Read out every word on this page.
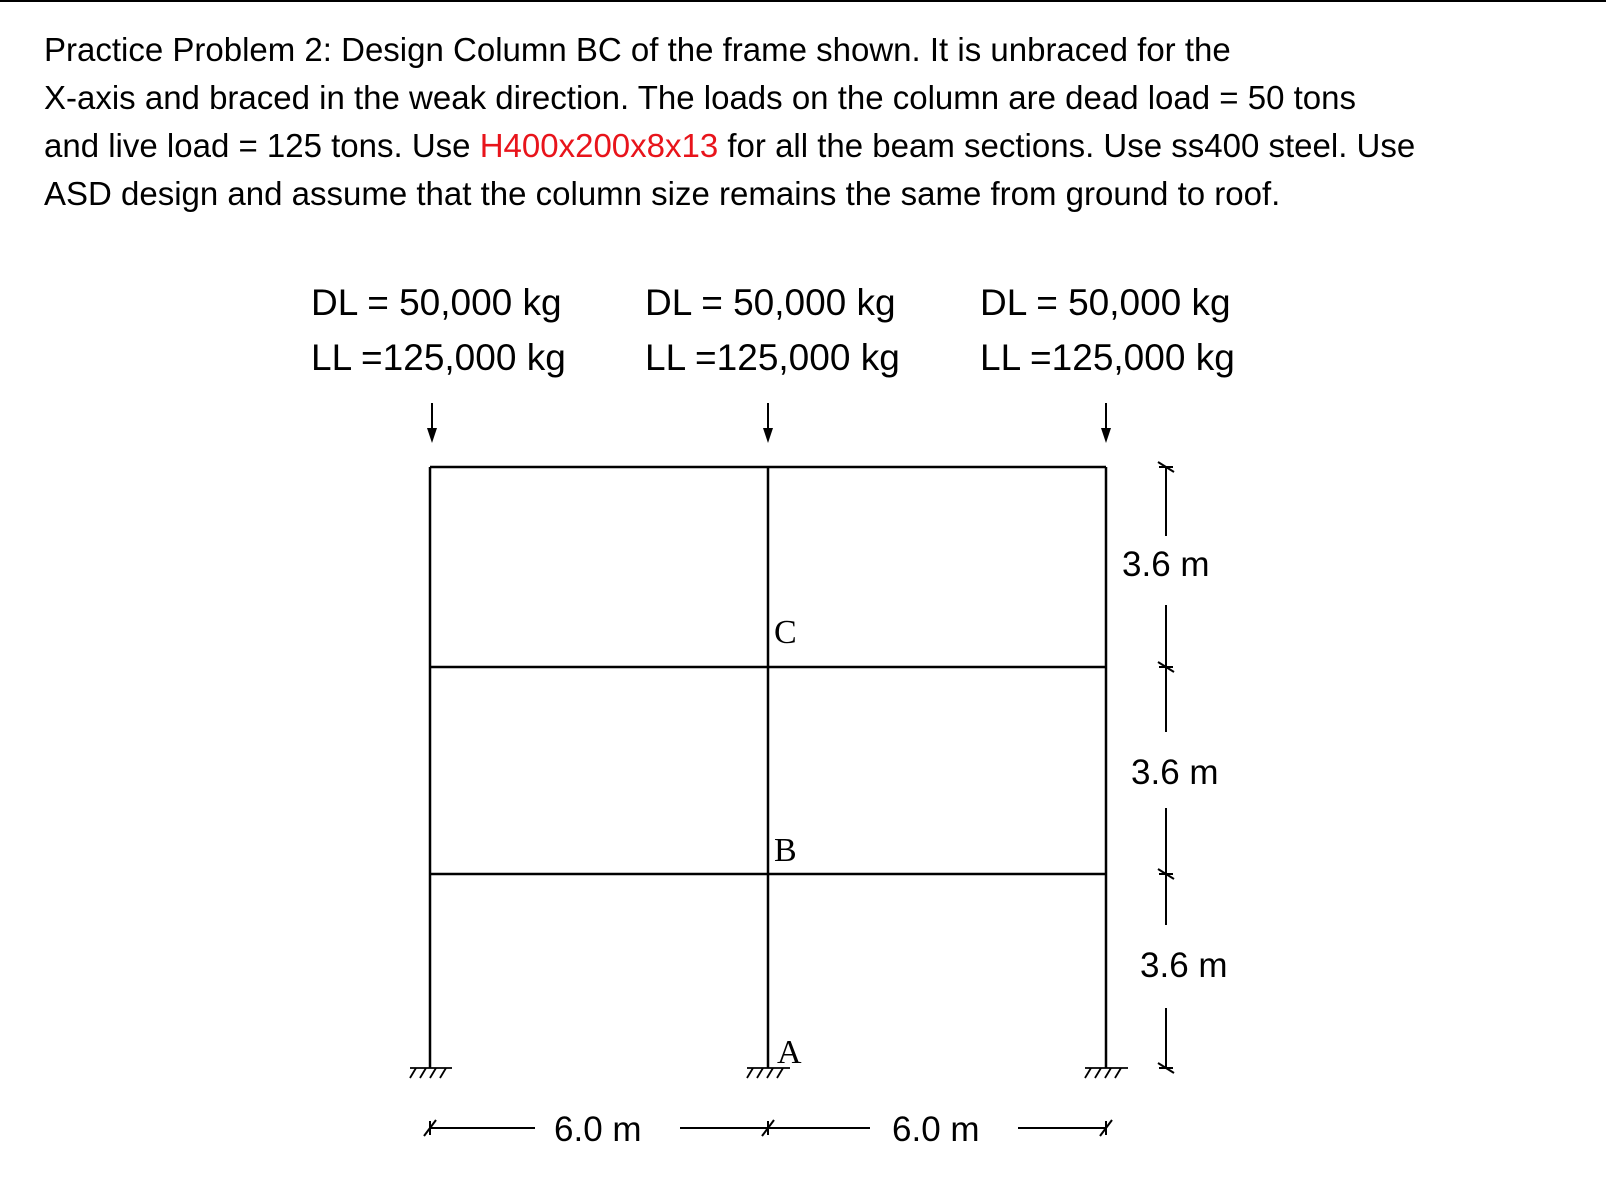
Practice Problem 2: Design Column BC of the frame shown. It is unbraced for the
X-axis and braced in the weak direction. The loads on the column are dead load = 50 tons
and live load = 125 tons. Use H400x200x8x13 for all the beam sections. Use ss400 steel. Use
ASD design and assume that the column size remains the same from ground to roof.

DL = 50,000 kg
LL =125,000 kg
DL = 50,000 kg
LL =125,000 kg
DL = 50,000 kg
LL =125,000 kg
C
B
A
3.6 m
3.6 m
3.6 m
6.0 m	6.0 m
